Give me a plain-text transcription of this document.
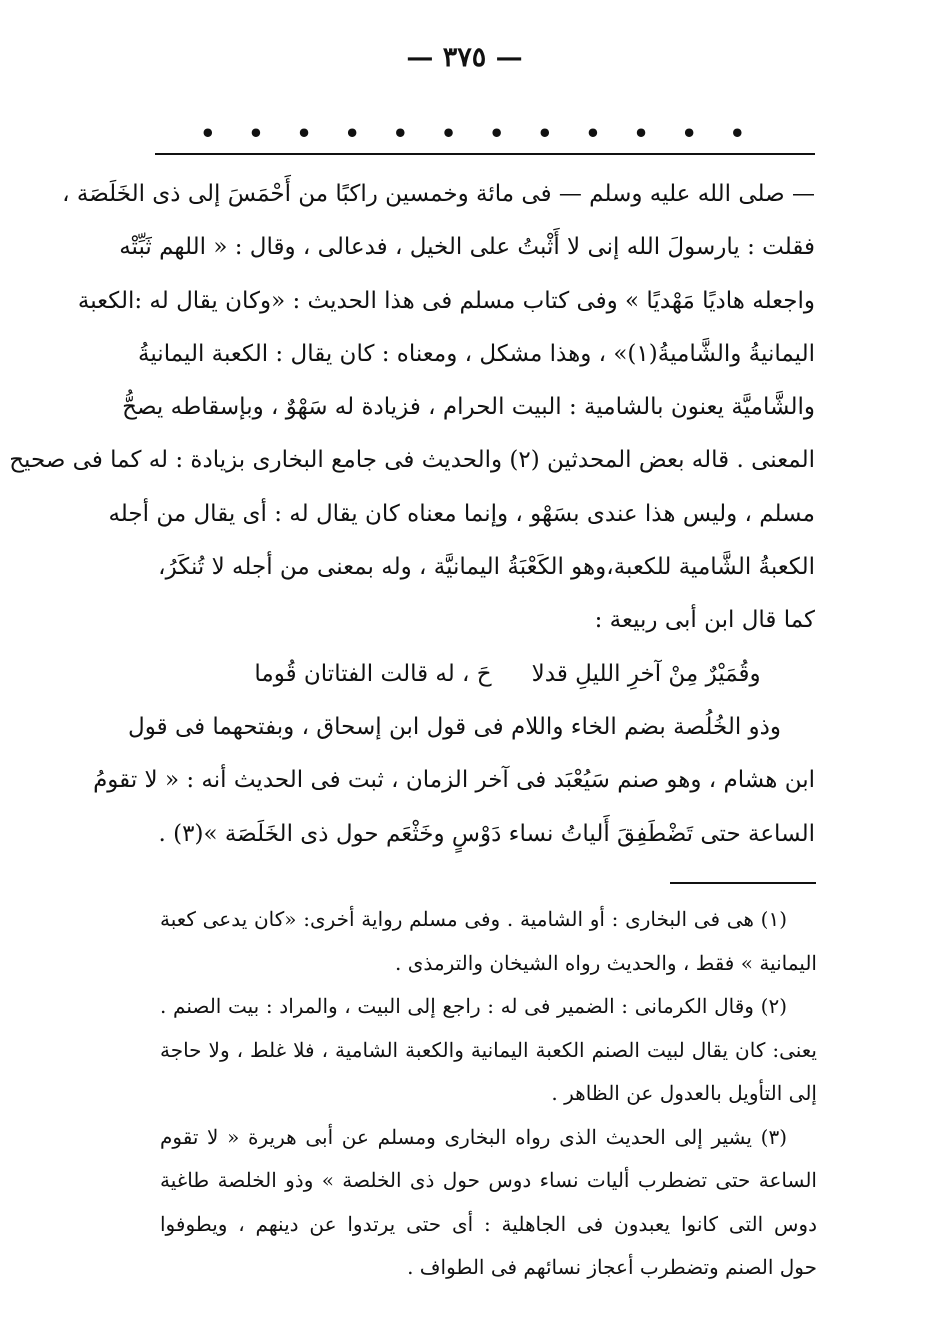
— ٣٧٥ —
• • • • • • • • • • • •
— صلى الله عليه وسلم — فى مائة وخمسين راكبًا من أَحْمَسَ إلى ذى الخَلَصَة ،
فقلت : يارسولَ الله إنى لا أَثْبتُ على الخيل ، فدعالى ، وقال : « اللهم ثَبِّتْه
واجعله هاديًا مَهْديًا » وفى كتاب مسلم فى هذا الحديث : «وكان يقال له :الكعبة
اليمانيةُ والشَّاميةُ(١)» ، وهذا مشكل ، ومعناه : كان يقال : الكعبة اليمانيةُ
والشَّاميَّة يعنون بالشامية : البيت الحرام ، فزيادة له سَهْوٌ ، وبإسقاطه يصحُّ
المعنى . قاله بعض المحدثين (٢) والحديث فى جامع البخارى بزيادة : له كما فى صحيح
مسلم ، وليس هذا عندى بسَهْو ، وإنما معناه كان يقال له : أى يقال من أجله
الكعبةُ الشَّامية للكعبة،وهو الكَعْبَةُ اليمانيَّة ، وله بمعنى من أجله لا تُنكَرُ،
كما قال ابن أبى ربيعة :
وقُمَيْرٌ مِنْ آخرِ الليلِ قدلا
حَ ، له قالت الفتاتان قُوما
وذو الخُلُصة بضم الخاء واللام فى قول ابن إسحاق ، وبفتحهما فى قول
ابن هشام ، وهو صنم سَيُعْبَد فى آخر الزمان ، ثبت فى الحديث أنه : « لا تقومُ
الساعة حتى تَضْطَفِقَ أَلياتُ نساء دَوْسٍ وخَثْعَم حول ذى الخَلَصَة »(٣) .
(١) هى فى البخارى : أو الشامية . وفى مسلم رواية أخرى: «كان يدعى كعبة
اليمانية » فقط ، والحديث رواه الشيخان والترمذى .
(٢) وقال الكرمانى : الضمير فى له : راجع إلى البيت ، والمراد : بيت الصنم .
يعنى: كان يقال لبيت الصنم الكعبة اليمانية والكعبة الشامية ، فلا غلط ، ولا حاجة
إلى التأويل بالعدول عن الظاهر .
(٣) يشير إلى الحديث الذى رواه البخارى ومسلم عن أبى هريرة « لا تقوم
الساعة حتى تضطرب أليات نساء دوس حول ذى الخلصة » وذو الخلصة طاغية
دوس التى كانوا يعبدون فى الجاهلية : أى حتى يرتدوا عن دينهم ، ويطوفوا
حول الصنم وتضطرب أعجاز نسائهم فى الطواف .
